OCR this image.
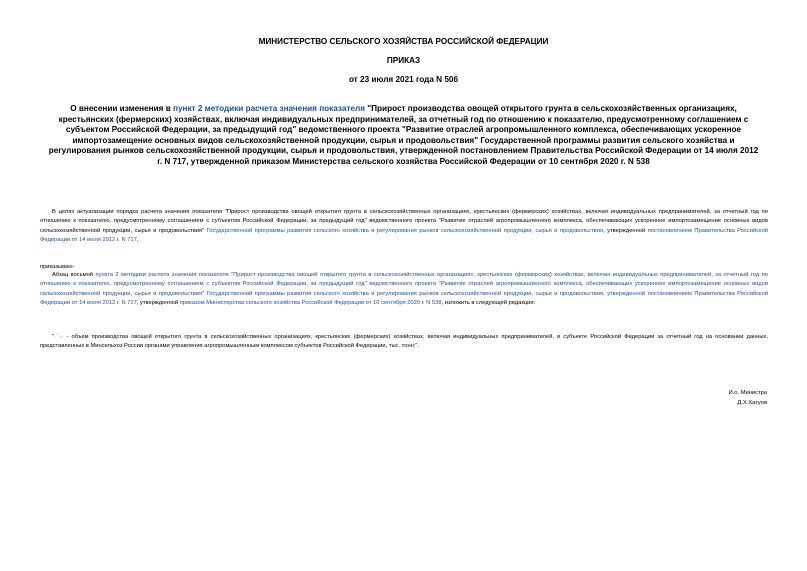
МИНИСТЕРСТВО СЕЛЬСКОГО ХОЗЯЙСТВА РОССИЙСКОЙ ФЕДЕРАЦИИ
ПРИКАЗ
от 23 июля 2021 года N 506
О внесении изменения в пункт 2 методики расчета значения показателя "Прирост производства овощей открытого грунта в сельскохозяйственных организациях, крестьянских (фермерских) хозяйствах, включая индивидуальных предпринимателей, за отчетный год по отношению к показателю, предусмотренному соглашением с субъектом Российской Федерации, за предыдущий год" ведомственного проекта "Развитие отраслей агропромышленного комплекса, обеспечивающих ускоренное импортозамещение основных видов сельскохозяйственной продукции, сырья и продовольствия" Государственной программы развития сельского хозяйства и регулирования рынков сельскохозяйственной продукции, сырья и продовольствия, утвержденной постановлением Правительства Российской Федерации от 14 июля 2012 г. N 717, утвержденной приказом Министерства сельского хозяйства Российской Федерации от 10 сентября 2020 г. N 538
В целях актуализации порядка расчета значения показателя "Прирост производства овощей открытого грунта в сельскохозяйственных организациях, крестьянских (фермерских) хозяйствах, включая индивидуальных предпринимателей, за отчетный год по отношению к показателю, предусмотренному соглашением с субъектом Российской Федерации, за предыдущий год" ведомственного проекта "Развитие отраслей агропромышленного комплекса, обеспечивающих ускоренное импортозамещение основных видов сельскохозяйственной продукции, сырья и продовольствия" Государственной программы развития сельского хозяйства и регулирования рынков сельскохозяйственной продукции, сырья и продовольствия, утвержденной постановлением Правительства Российской Федерации от 14 июля 2012 г. N 717,
приказываю:
Абзац восьмой пункта 2 методики расчета значения показателя "Прирост производства овощей открытого грунта в сельскохозяйственных организациях, крестьянских (фермерских) хозяйствах, включая индивидуальных предпринимателей, за отчетный год по отношению к показателю, предусмотренному соглашением с субъектом Российской Федерации, за предыдущий год" ведомственного проекта "Развитие отраслей агропромышленного комплекса, обеспечивающих ускоренное импортозамещение основных видов сельскохозяйственной продукции, сырья и продовольствия" Государственной программы развития сельского хозяйства и регулирования рынков сельскохозяйственной продукции, сырья и продовольствия, утвержденной постановлением Правительства Российской Федерации от 14 июля 2012 г. N 717, утвержденной приказом Министерства сельского хозяйства Российской Федерации от 10 сентября 2020 г. N 538, изложить в следующей редакции:
"·ˆ·ₜ - объем производства овощей открытого грунта в сельскохозяйственных организациях, крестьянских (фермерских) хозяйствах, включая индивидуальных предпринимателей, в субъекте Российской Федерации за отчетный год на основании данных, представленных в Минсельхоз России органами управления агропромышленным комплексом субъектов Российской Федерации, тыс. тонн;".
И.о. Министра
Д.Х.Хатуов
